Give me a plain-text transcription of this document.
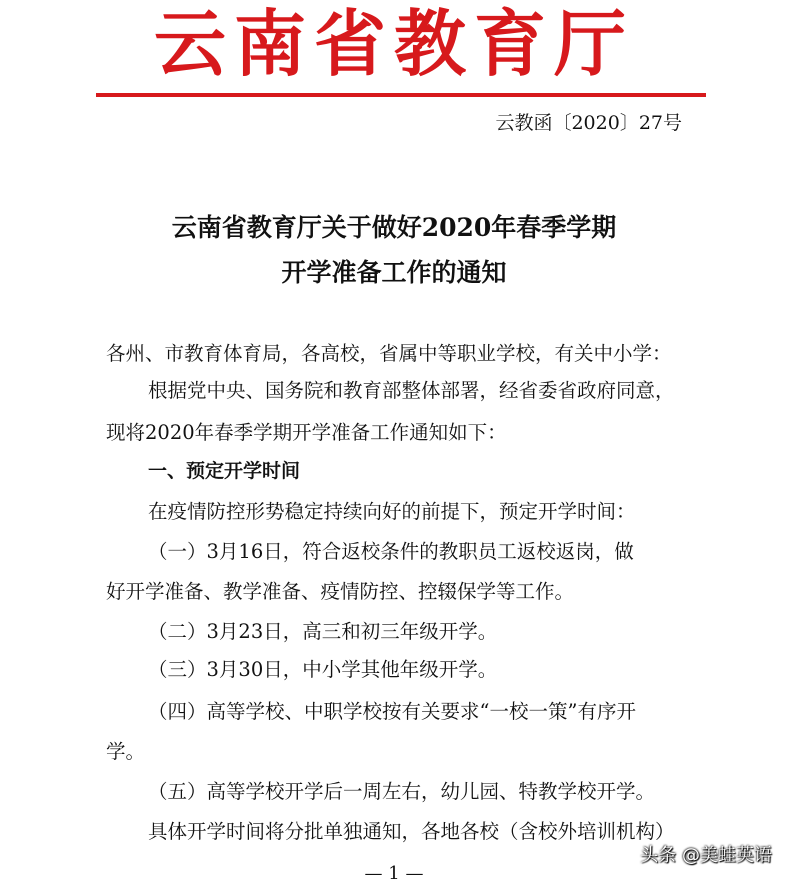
云南省教育厅
云教函〔2020〕27号
云南省教育厅关于做好2020年春季学期
开学准备工作的通知
各州、市教育体育局，各高校，省属中等职业学校，有关中小学：
根据党中央、国务院和教育部整体部署，经省委省政府同意，
现将2020年春季学期开学准备工作通知如下：
一、预定开学时间
在疫情防控形势稳定持续向好的前提下，预定开学时间：
（一）3月16日，符合返校条件的教职员工返校返岗，做
好开学准备、教学准备、疫情防控、控辍保学等工作。
（二）3月23日，高三和初三年级开学。
（三）3月30日，中小学其他年级开学。
（四）高等学校、中职学校按有关要求“一校一策”有序开
学。
（五）高等学校开学后一周左右，幼儿园、特教学校开学。
具体开学时间将分批单独通知，各地各校（含校外培训机构）
— 1 —
头条 @美蛙英语
